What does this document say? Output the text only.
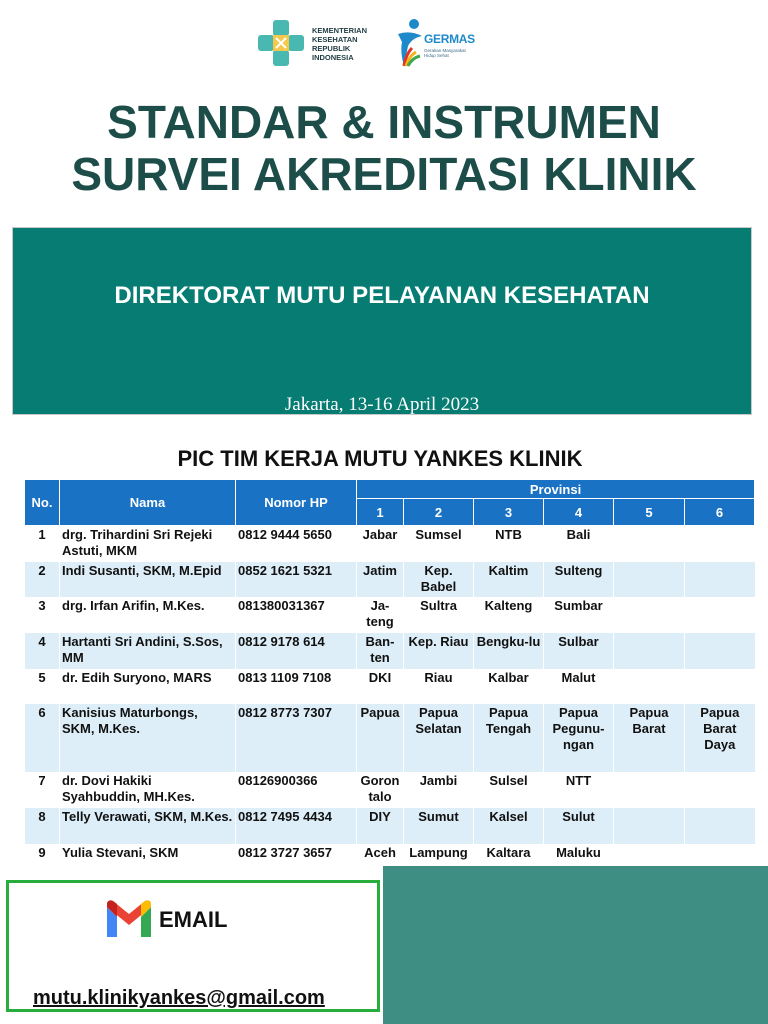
KEMENTERIAN
KESEHATAN
REPUBLIK
INDONESIA
GERMAS
Gerakan Masyarakat Hidup Sehat
STANDAR & INSTRUMEN
SURVEI AKREDITASI KLINIK
DIREKTORAT MUTU PELAYANAN KESEHATAN
Jakarta, 13-16 April 2023
PIC TIM KERJA MUTU YANKES KLINIK
No.	Nama	Nomor HP	Provinsi					
			1	2	3	4	5	6
1	drg. Trihardini Sri Rejeki Astuti, MKM	0812 9444 5650	Jabar	Sumsel	NTB	Bali		
2	Indi Susanti, SKM, M.Epid	0852 1621 5321	Jatim	Kep. Babel	Kaltim	Sulteng		
3	drg. Irfan Arifin, M.Kes.	081380031367	Ja-teng	Sultra	Kalteng	Sumbar		
4	Hartanti Sri Andini, S.Sos, MM	0812 9178 614	Ban-ten	Kep. Riau	Bengku-lu	Sulbar		
5	dr. Edih Suryono, MARS	0813 1109 7108	DKI	Riau	Kalbar	Malut		
6	Kanisius Maturbongs, SKM, M.Kes.	0812 8773 7307	Papua	Papua Selatan	Papua Tengah	Papua Pegunu-ngan	Papua Barat	Papua Barat Daya
7	dr. Dovi Hakiki Syahbuddin, MH.Kes.	08126900366	Goron talo	Jambi	Sulsel	NTT		
8	Telly Verawati, SKM, M.Kes.	0812 7495 4434	DIY	Sumut	Kalsel	Sulut		
9	Yulia Stevani, SKM	0812 3727 3657	Aceh	Lampung	Kaltara	Maluku		
EMAIL
mutu.klinikyankes@gmail.com
